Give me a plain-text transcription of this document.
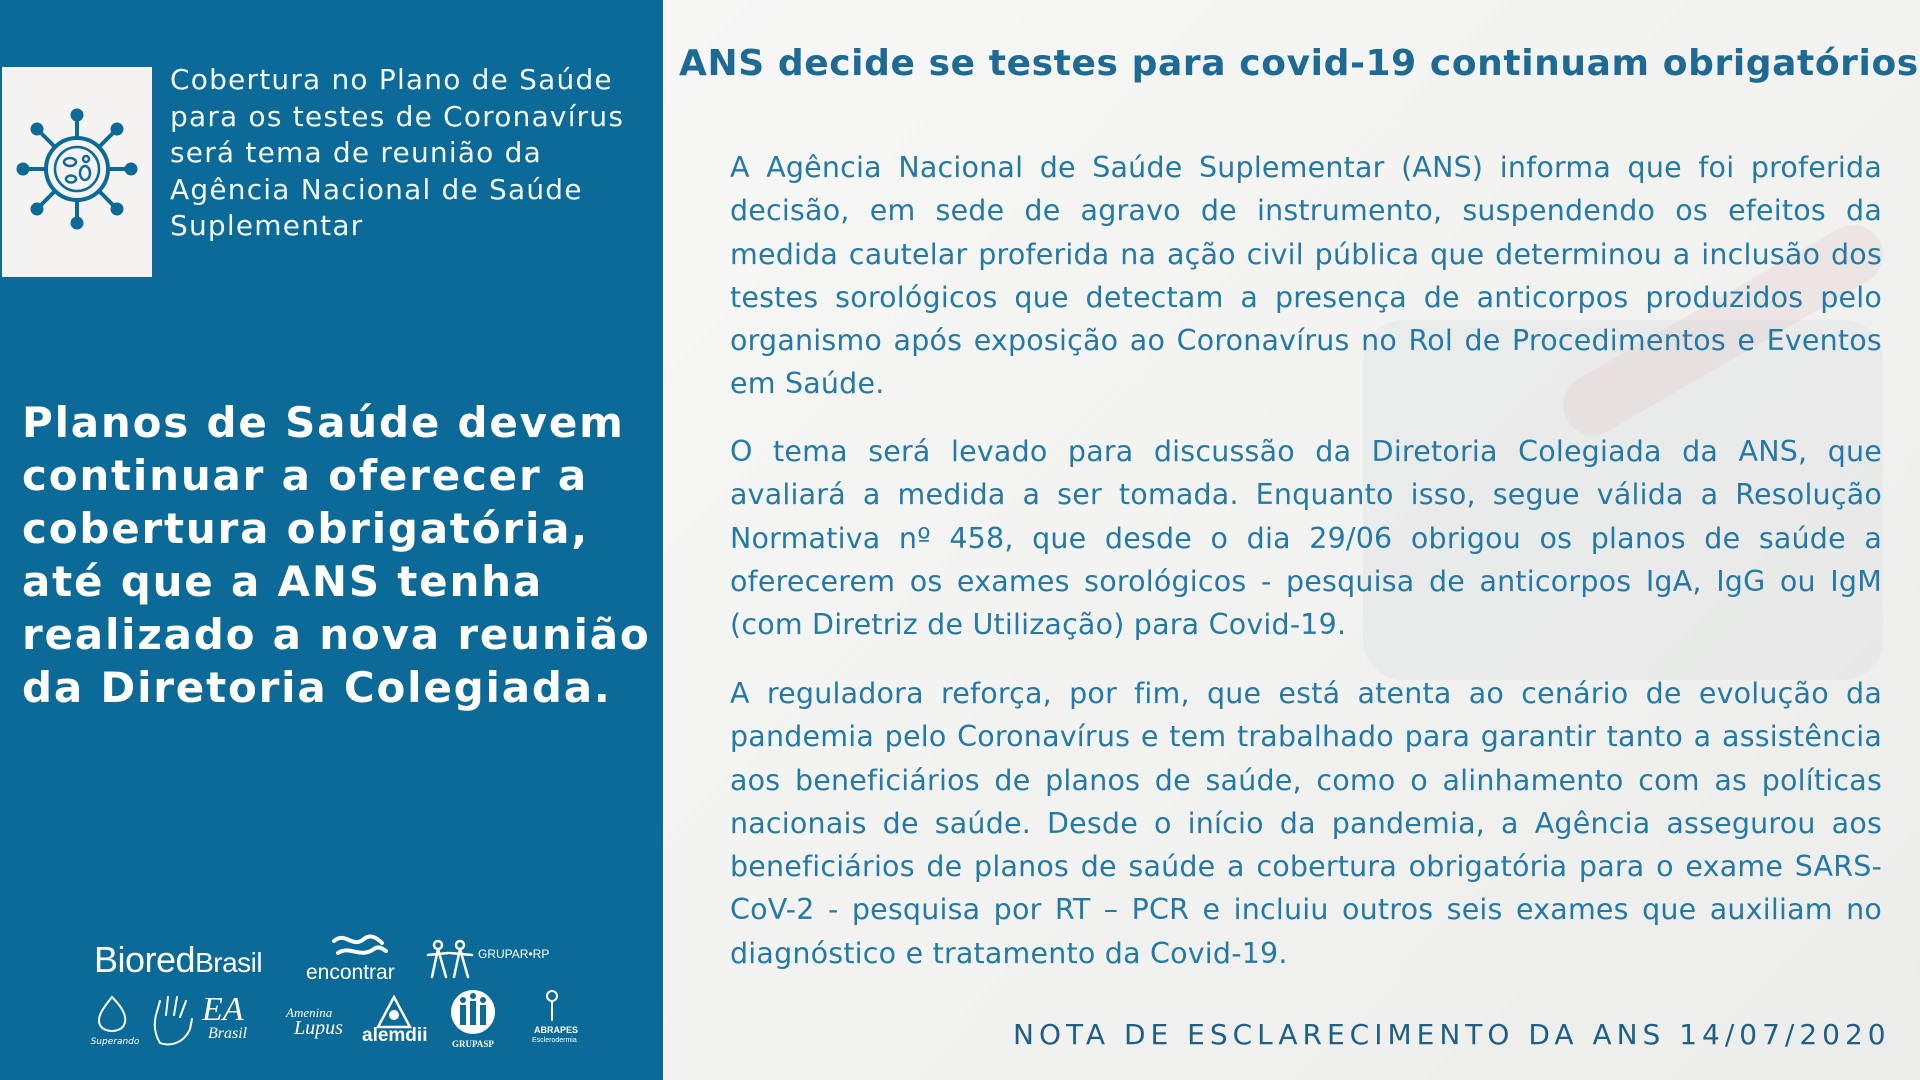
Cobertura no Plano de Saúde para os testes de Coronavírus será tema de reunião da Agência Nacional de Saúde Suplementar
Planos de Saúde devem continuar a oferecer a cobertura obrigatória, até que a ANS tenha realizado a nova reunião da Diretoria Colegiada.
BioredBrasil encontrar
GRUPAR•RP
Superando
EA
Brasil
Amenina
Lupus alemdii	GRUPASP
ABRAPES
Esclerodermia
ANS decide se testes para covid-19 continuam obrigatórios
A Agência Nacional de Saúde Suplementar (ANS) informa que foi proferida decisão, em sede de agravo de instrumento, suspendendo os efeitos da medida cautelar proferida na ação civil pública que determinou a inclusão dos testes sorológicos que detectam a presença de anticorpos produzidos pelo organismo após exposição ao Coronavírus no Rol de Procedimentos e Eventos em Saúde.
O tema será levado para discussão da Diretoria Colegiada da ANS, que avaliará a medida a ser tomada. Enquanto isso, segue válida a Resolução Normativa nº 458, que desde o dia 29/06 obrigou os planos de saúde a oferecerem os exames sorológicos - pesquisa de anticorpos IgA, IgG ou IgM (com Diretriz de Utilização) para Covid-19.
A reguladora reforça, por fim, que está atenta ao cenário de evolução da pandemia pelo Coronavírus e tem trabalhado para garantir tanto a assistência aos beneficiários de planos de saúde, como o alinhamento com as políticas nacionais de saúde. Desde o início da pandemia, a Agência assegurou aos beneficiários de planos de saúde a cobertura obrigatória para o exame SARS-CoV-2 - pesquisa por RT – PCR e incluiu outros seis exames que auxiliam no diagnóstico e tratamento da Covid-19.
NOTA DE ESCLARECIMENTO DA ANS 14/07/2020
